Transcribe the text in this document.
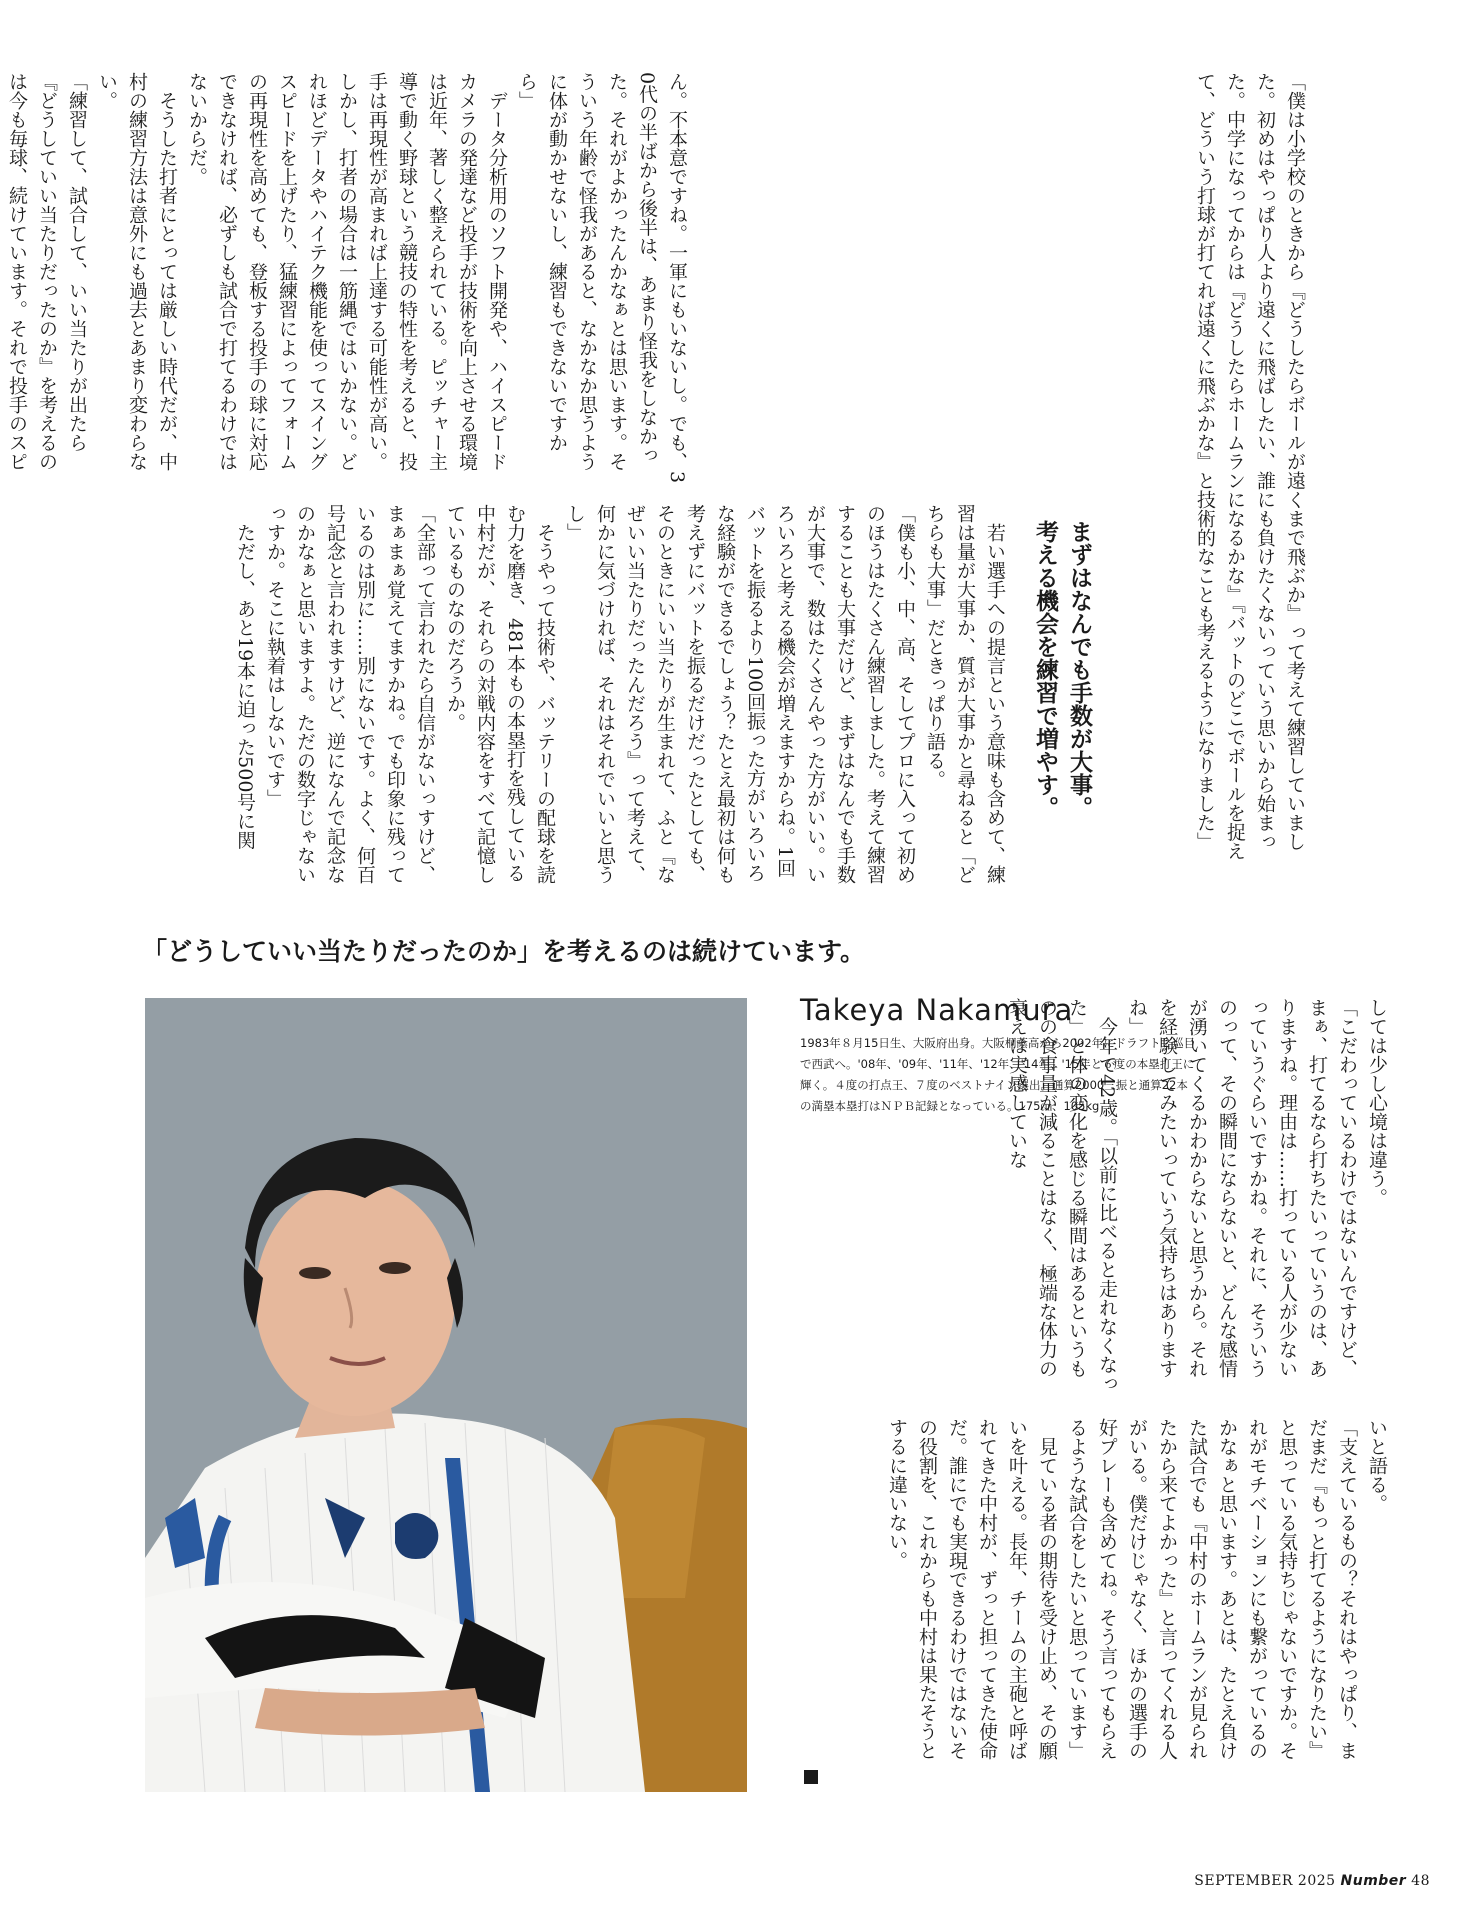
ん。不本意ですね。一軍にもいないし。でも、30代の半ばから後半は、あまり怪我をしなかった。それがよかったんかなぁとは思います。そういう年齢で怪我があると、なかなか思うように体が動かせないし、練習もできないですから」
　データ分析用のソフト開発や、ハイスピードカメラの発達など投手が技術を向上させる環境は近年、著しく整えられている。ピッチャー主導で動く野球という競技の特性を考えると、投手は再現性が高まれば上達する可能性が高い。しかし、打者の場合は一筋縄ではいかない。どれほどデータやハイテク機能を使ってスイングスピードを上げたり、猛練習によってフォームの再現性を高めても、登板する投手の球に対応できなければ、必ずしも試合で打てるわけではないからだ。
　そうした打者にとっては厳しい時代だが、中村の練習方法は意外にも過去とあまり変わらない。
「練習して、試合して、いい当たりが出たら『どうしていい当たりだったのか』を考えるのは今も毎球、続けています。それで投手のスピ
　	「僕は小学校のときから『どうしたらボールが遠くまで飛ぶか』って考えて練習していました。初めはやっぱり人より遠くに飛ばしたい、誰にも負けたくないっていう思いから始まった。中学になってからは『どうしたらホームランになるかな』『バットのどこでボールを捉えて、どういう打球が打てれば遠くに飛ぶかな』と技術的なことも考えるようになりました」
まずはなんでも手数が大事。
考える機会を練習で増やす。
　若い選手への提言という意味も含めて、練習は量が大事か、質が大事かと尋ねると「どちらも大事」だときっぱり語る。
「僕も小、中、高、そしてプロに入って初めのほうはたくさん練習しました。考えて練習することも大事だけど、まずはなんでも手数が大事で、数はたくさんやった方がいい。いろいろと考える機会が増えますからね。1回バットを振るより100回振った方がいろいろな経験ができるでしょう？たとえ最初は何も考えずにバットを振るだけだったとしても、そのときにいい当たりが生まれて、ふと『なぜいい当たりだったんだろう』って考えて、何かに気づければ、それはそれでいいと思うし」
　そうやって技術や、バッテリーの配球を読む力を磨き、481本もの本塁打を残している中村だが、それらの対戦内容をすべて記憶しているものなのだろうか。
「全部って言われたら自信がないっすけど、まぁまぁ覚えてますかね。でも印象に残っているのは別に……別にないです。よく、何百号記念と言われますけど、逆になんで記念なのかなぁと思いますよ。ただの数字じゃないっすか。そこに執着はしないです」
　ただし、あと19本に迫った500号に関
「どうしていい当たりだったのか」を考えるのは続けています。
Takeya Nakamura
1983年８月15日生、大阪府出身。大阪桐蔭高から2002年にドラフト２巡目で西武へ。'08年、'09年、'11年、'12年、'14年、'15年と６度の本塁打王に輝く。４度の打点王、７度のベストナイン選出。通算2000三振と通算22本の満塁本塁打はＮＰＢ記録となっている。175㎝、105kg	しては少し心境は違う。
「こだわっているわけではないんですけど、まぁ、打てるなら打ちたいっていうのは、ありますね。理由は……打っている人が少ないっていうぐらいですかね。それに、そういうのって、その瞬間にならないと、どんな感情が湧いてくるかわからないと思うから。それを経験してみたいっていう気持ちはありますね」
　今年で42歳。「以前に比べると走れなくなった」と体の変化を感じる瞬間はあるというものの食事量が減ることはなく、極端な体力の衰えは実感していな
いと語る。
「支えているもの？それはやっぱり、まだまだ『もっと打てるようになりたい』と思っている気持ちじゃないですか。それがモチベーションにも繋がっているのかなぁと思います。あとは、たとえ負けた試合でも『中村のホームランが見られたから来てよかった』と言ってくれる人がいる。僕だけじゃなく、ほかの選手の好プレーも含めてね。そう言ってもらえるような試合をしたいと思っています」
　見ている者の期待を受け止め、その願いを叶える。長年、チームの主砲と呼ばれてきた中村が、ずっと担ってきた使命だ。誰にでも実現できるわけではないその役割を、これからも中村は果たそうとするに違いない。
SEPTEMBER 2025 Number 48
